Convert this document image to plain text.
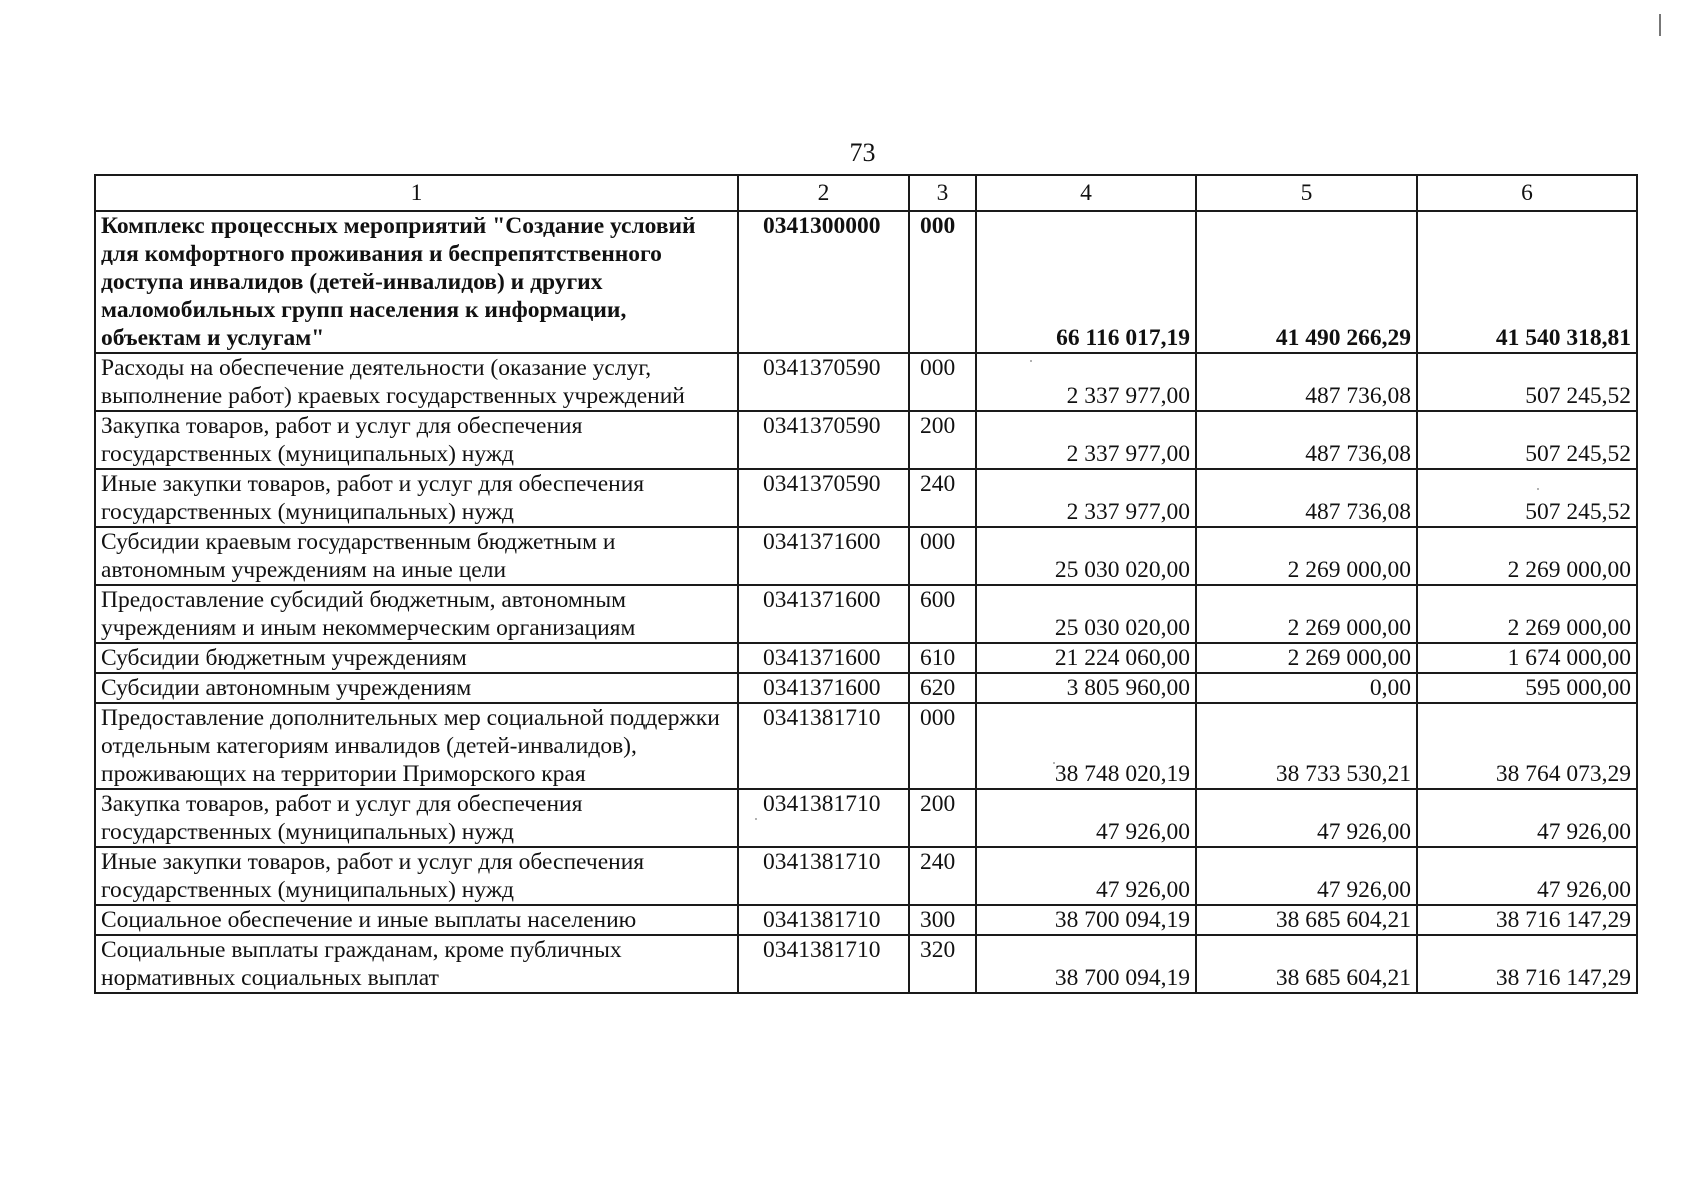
73
1	2	3	4	5	6
Комплекс процессных мероприятий "Создание условий для комфортного проживания и беспрепятственного доступа инвалидов (детей-инвалидов) и других маломобильных групп населения к информации, объектам и услугам"	0341300000	000	66 116 017,19	41 490 266,29	41 540 318,81
Расходы на обеспечение деятельности (оказание услуг, выполнение работ) краевых государственных учреждений	0341370590	000	2 337 977,00	487 736,08	507 245,52
Закупка товаров, работ и услуг для обеспечения государственных (муниципальных) нужд	0341370590	200	2 337 977,00	487 736,08	507 245,52
Иные закупки товаров, работ и услуг для обеспечения государственных (муниципальных) нужд	0341370590	240	2 337 977,00	487 736,08	507 245,52
Субсидии краевым государственным бюджетным и автономным учреждениям на иные цели	0341371600	000	25 030 020,00	2 269 000,00	2 269 000,00
Предоставление субсидий бюджетным, автономным учреждениям и иным некоммерческим организациям	0341371600	600	25 030 020,00	2 269 000,00	2 269 000,00
Субсидии бюджетным учреждениям	0341371600	610	21 224 060,00	2 269 000,00	1 674 000,00
Субсидии автономным учреждениям	0341371600	620	3 805 960,00	0,00	595 000,00
Предоставление дополнительных мер социальной поддержки отдельным категориям инвалидов (детей-инвалидов), проживающих на территории Приморского края	0341381710	000	38 748 020,19	38 733 530,21	38 764 073,29
Закупка товаров, работ и услуг для обеспечения государственных (муниципальных) нужд	0341381710	200	47 926,00	47 926,00	47 926,00
Иные закупки товаров, работ и услуг для обеспечения государственных (муниципальных) нужд	0341381710	240	47 926,00	47 926,00	47 926,00
Социальное обеспечение и иные выплаты населению	0341381710	300	38 700 094,19	38 685 604,21	38 716 147,29
Социальные выплаты гражданам, кроме публичных нормативных социальных выплат	0341381710	320	38 700 094,19	38 685 604,21	38 716 147,29
